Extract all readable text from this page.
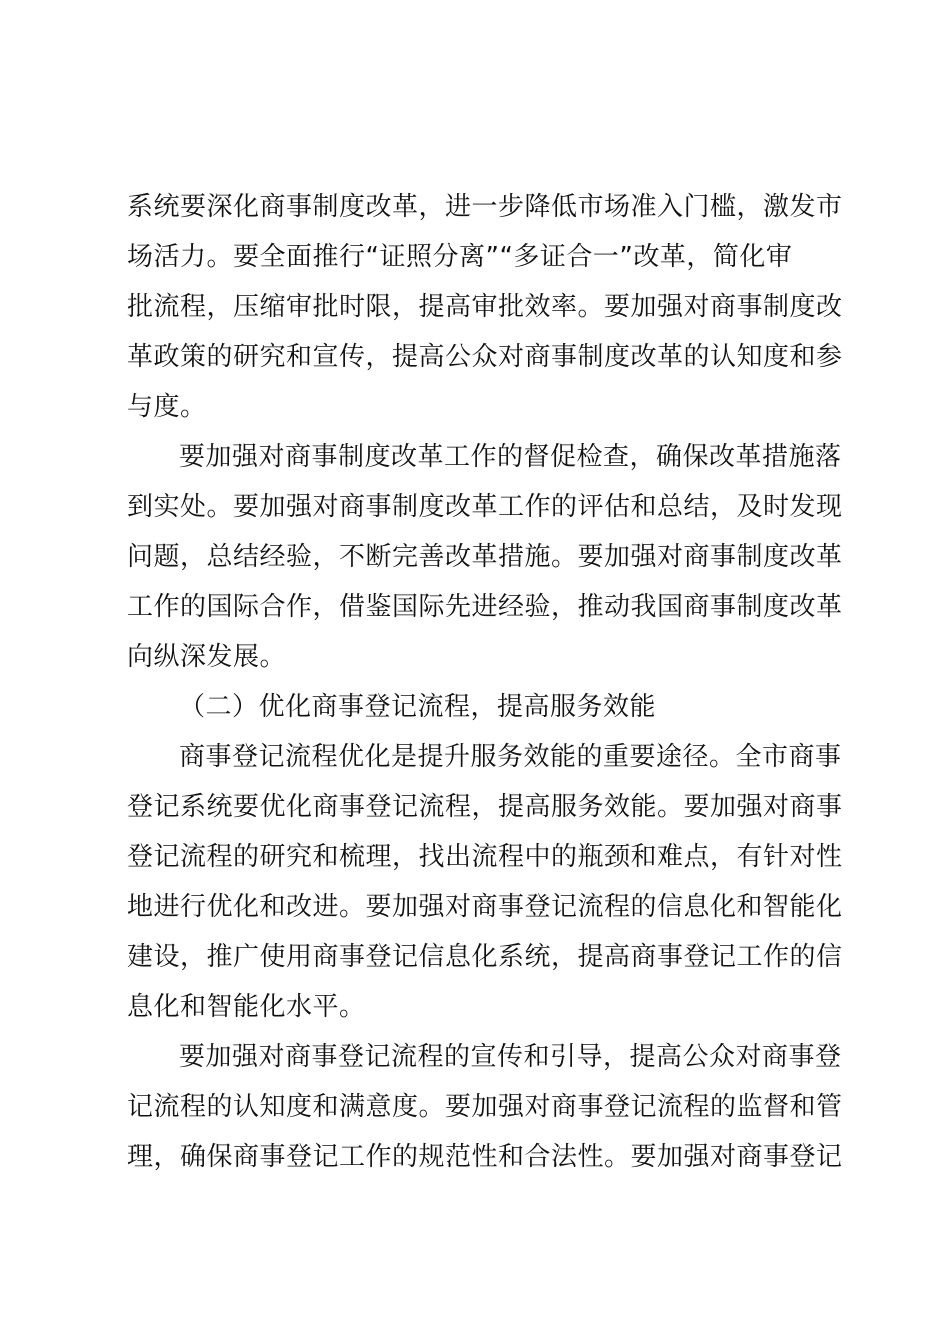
系统要深化商事制度改革，进一步降低市场准入门槛，激发市
场活力。要全面推行“证照分离”“多证合一”改革，简化审
批流程，压缩审批时限，提高审批效率。要加强对商事制度改
革政策的研究和宣传，提高公众对商事制度改革的认知度和参
与度。
要加强对商事制度改革工作的督促检查，确保改革措施落
到实处。要加强对商事制度改革工作的评估和总结，及时发现
问题，总结经验，不断完善改革措施。要加强对商事制度改革
工作的国际合作，借鉴国际先进经验，推动我国商事制度改革
向纵深发展。
（二）优化商事登记流程，提高服务效能
商事登记流程优化是提升服务效能的重要途径。全市商事
登记系统要优化商事登记流程，提高服务效能。要加强对商事
登记流程的研究和梳理，找出流程中的瓶颈和难点，有针对性
地进行优化和改进。要加强对商事登记流程的信息化和智能化
建设，推广使用商事登记信息化系统，提高商事登记工作的信
息化和智能化水平。
要加强对商事登记流程的宣传和引导，提高公众对商事登
记流程的认知度和满意度。要加强对商事登记流程的监督和管
理，确保商事登记工作的规范性和合法性。要加强对商事登记
